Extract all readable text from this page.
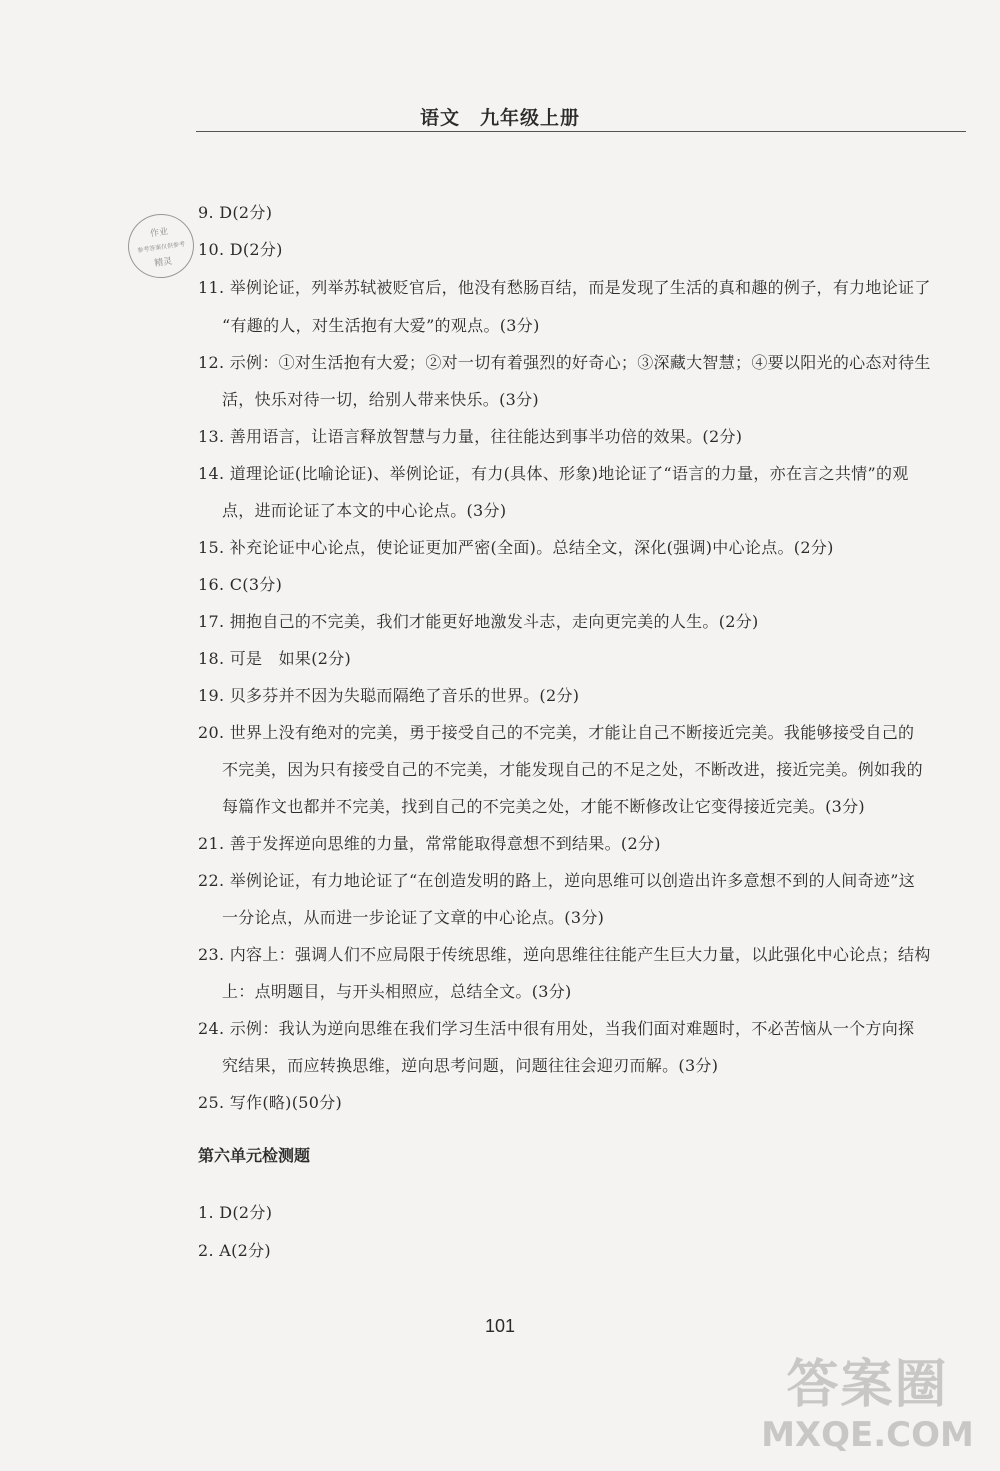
语文　九年级上册
作业
参考答案仅供参考
精灵
9. D(2分)
10. D(2分)
11. 举例论证，列举苏轼被贬官后，他没有愁肠百结，而是发现了生活的真和趣的例子，有力地论证了
“有趣的人，对生活抱有大爱”的观点。(3分)
12. 示例：①对生活抱有大爱；②对一切有着强烈的好奇心；③深藏大智慧；④要以阳光的心态对待生
活，快乐对待一切，给别人带来快乐。(3分)
13. 善用语言，让语言释放智慧与力量，往往能达到事半功倍的效果。(2分)
14. 道理论证(比喻论证)、举例论证，有力(具体、形象)地论证了“语言的力量，亦在言之共情”的观
点，进而论证了本文的中心论点。(3分)
15. 补充论证中心论点，使论证更加严密(全面)。总结全文，深化(强调)中心论点。(2分)
16. C(3分)
17. 拥抱自己的不完美，我们才能更好地激发斗志，走向更完美的人生。(2分)
18. 可是　如果(2分)
19. 贝多芬并不因为失聪而隔绝了音乐的世界。(2分)
20. 世界上没有绝对的完美，勇于接受自己的不完美，才能让自己不断接近完美。我能够接受自己的
不完美，因为只有接受自己的不完美，才能发现自己的不足之处，不断改进，接近完美。例如我的
每篇作文也都并不完美，找到自己的不完美之处，才能不断修改让它变得接近完美。(3分)
21. 善于发挥逆向思维的力量，常常能取得意想不到结果。(2分)
22. 举例论证，有力地论证了“在创造发明的路上，逆向思维可以创造出许多意想不到的人间奇迹”这
一分论点，从而进一步论证了文章的中心论点。(3分)
23. 内容上：强调人们不应局限于传统思维，逆向思维往往能产生巨大力量，以此强化中心论点；结构
上：点明题目，与开头相照应，总结全文。(3分)
24. 示例：我认为逆向思维在我们学习生活中很有用处，当我们面对难题时，不必苦恼从一个方向探
究结果，而应转换思维，逆向思考问题，问题往往会迎刃而解。(3分)
25. 写作(略)(50分)
第六单元检测题
1. D(2分)
2. A(2分)
101
答案圈
MXQE.COM
